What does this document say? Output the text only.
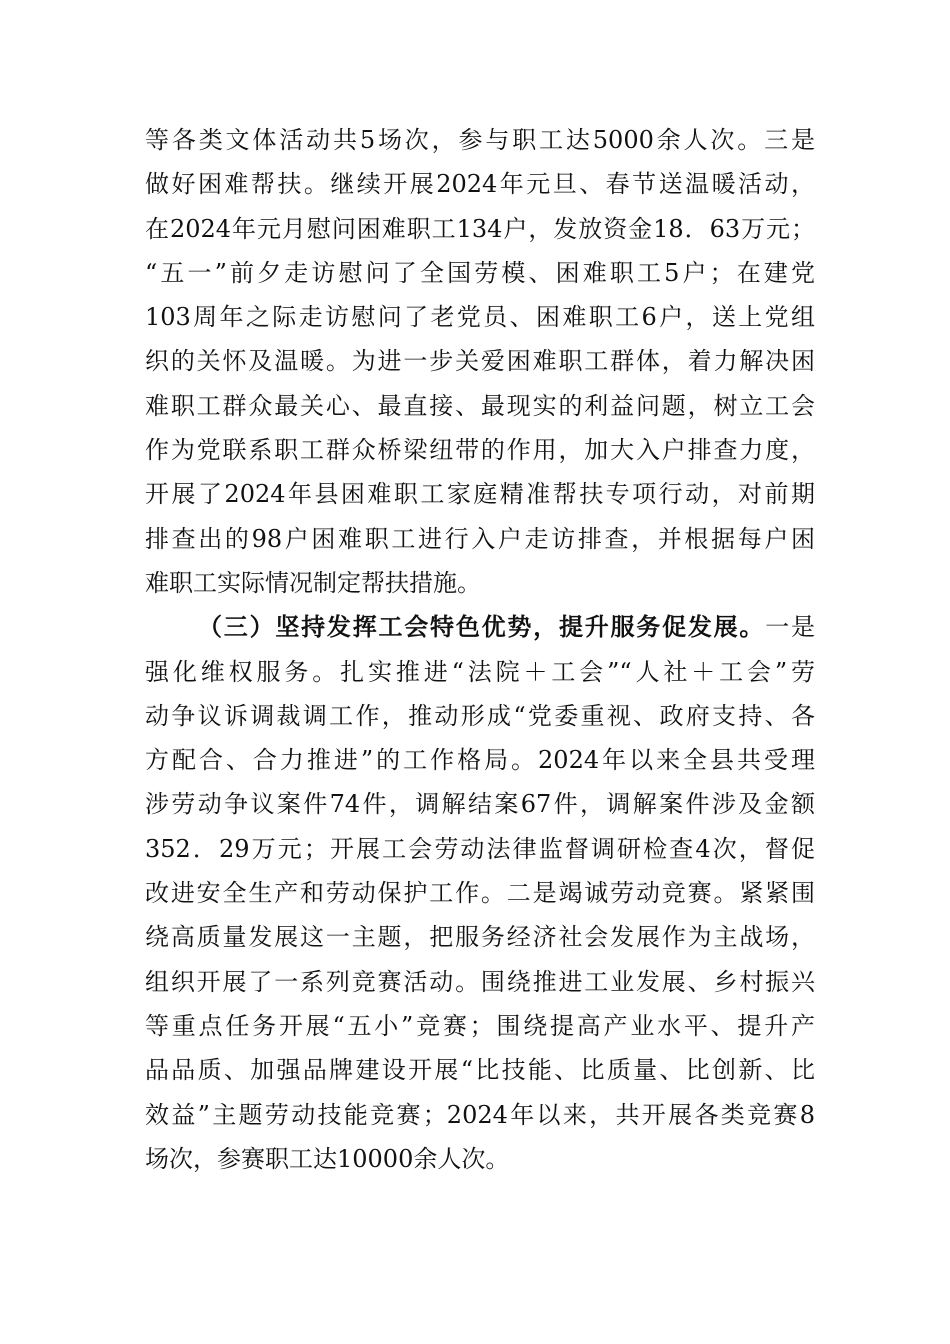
等各类文体活动共5场次，参与职工达5000余人次。三是
做好困难帮扶。继续开展2024年元旦、春节送温暖活动，
在2024年元月慰问困难职工134户，发放资金18．63万元；
“五一”前夕走访慰问了全国劳模、困难职工5户；在建党
103周年之际走访慰问了老党员、困难职工6户，送上党组
织的关怀及温暖。为进一步关爱困难职工群体，着力解决困
难职工群众最关心、最直接、最现实的利益问题，树立工会
作为党联系职工群众桥梁纽带的作用，加大入户排查力度，
开展了2024年县困难职工家庭精准帮扶专项行动，对前期
排查出的98户困难职工进行入户走访排查，并根据每户困
难职工实际情况制定帮扶措施。
（三）坚持发挥工会特色优势，提升服务促发展。一是
强化维权服务。扎实推进“法院＋工会”“人社＋工会”劳
动争议诉调裁调工作，推动形成“党委重视、政府支持、各
方配合、合力推进”的工作格局。2024年以来全县共受理
涉劳动争议案件74件，调解结案67件，调解案件涉及金额
352．29万元；开展工会劳动法律监督调研检查4次，督促
改进安全生产和劳动保护工作。二是竭诚劳动竞赛。紧紧围
绕高质量发展这一主题，把服务经济社会发展作为主战场，
组织开展了一系列竞赛活动。围绕推进工业发展、乡村振兴
等重点任务开展“五小”竞赛；围绕提高产业水平、提升产
品品质、加强品牌建设开展“比技能、比质量、比创新、比
效益”主题劳动技能竞赛；2024年以来，共开展各类竞赛8
场次，参赛职工达10000余人次。
